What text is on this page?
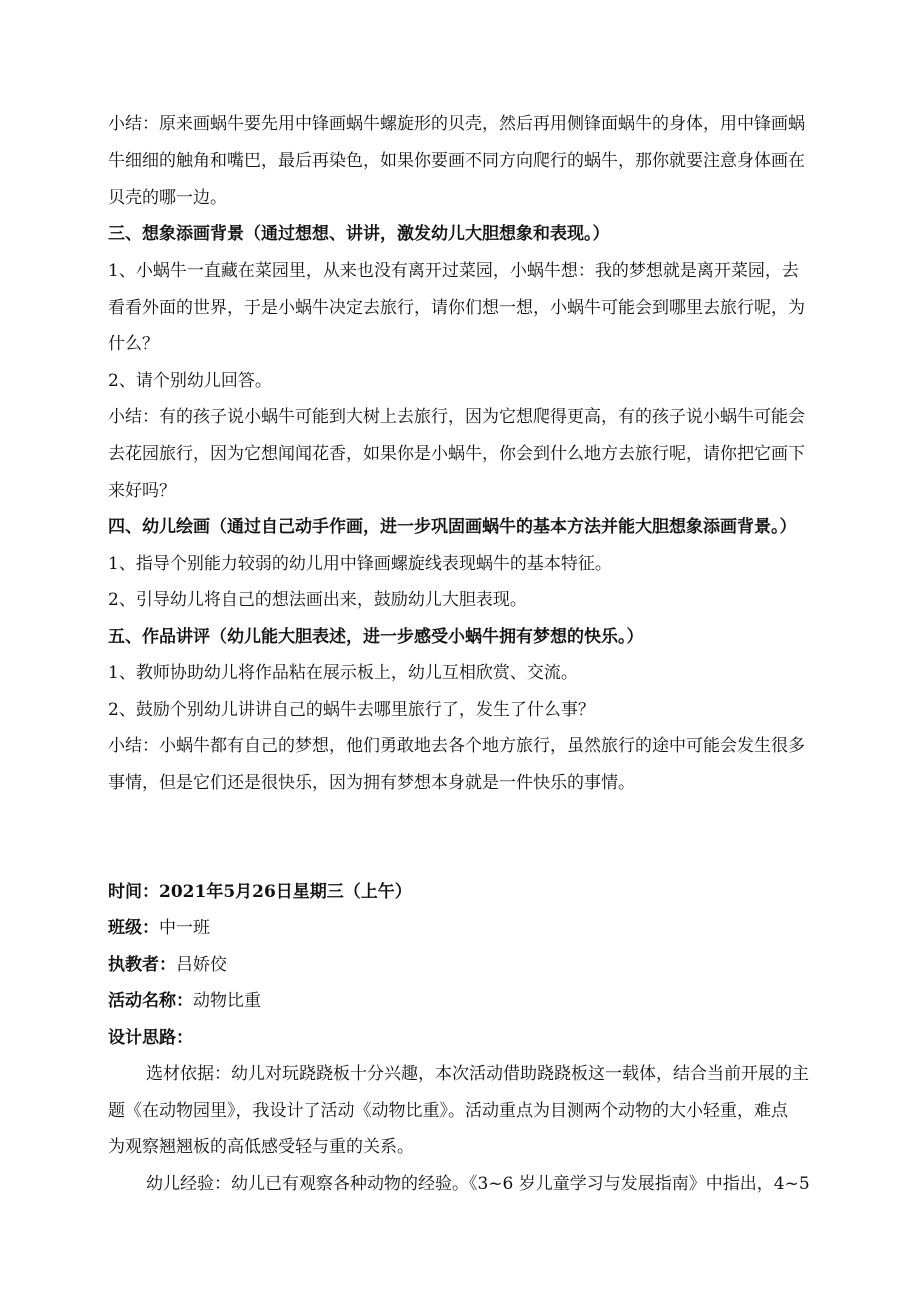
小结：原来画蜗牛要先用中锋画蜗牛螺旋形的贝壳，然后再用侧锋面蜗牛的身体，用中锋画蜗
牛细细的触角和嘴巴，最后再染色，如果你要画不同方向爬行的蜗牛，那你就要注意身体画在
贝壳的哪一边。
三、想象添画背景（通过想想、讲讲，激发幼儿大胆想象和表现。）
1、小蜗牛一直藏在菜园里，从来也没有离开过菜园，小蜗牛想：我的梦想就是离开菜园，去
看看外面的世界，于是小蜗牛决定去旅行，请你们想一想，小蜗牛可能会到哪里去旅行呢，为
什么？
2、请个别幼儿回答。
小结：有的孩子说小蜗牛可能到大树上去旅行，因为它想爬得更高，有的孩子说小蜗牛可能会
去花园旅行，因为它想闻闻花香，如果你是小蜗牛，你会到什么地方去旅行呢，请你把它画下
来好吗？
四、幼儿绘画（通过自己动手作画，进一步巩固画蜗牛的基本方法并能大胆想象添画背景。）
1、指导个别能力较弱的幼儿用中锋画螺旋线表现蜗牛的基本特征。
2、引导幼儿将自己的想法画出来，鼓励幼儿大胆表现。
五、作品讲评（幼儿能大胆表述，进一步感受小蜗牛拥有梦想的快乐。）
1、教师协助幼儿将作品粘在展示板上，幼儿互相欣赏、交流。
2、鼓励个别幼儿讲讲自己的蜗牛去哪里旅行了，发生了什么事？
小结：小蜗牛都有自己的梦想，他们勇敢地去各个地方旅行，虽然旅行的途中可能会发生很多
事情，但是它们还是很快乐，因为拥有梦想本身就是一件快乐的事情。
时间：2021年5月26日星期三（上午）
班级：中一班
执教者：吕娇佼
活动名称：动物比重
设计思路：
选材依据：幼儿对玩跷跷板十分兴趣，本次活动借助跷跷板这一载体，结合当前开展的主
题《在动物园里》，我设计了活动《动物比重》。活动重点为目测两个动物的大小轻重，难点
为观察翘翘板的高低感受轻与重的关系。
幼儿经验：幼儿已有观察各种动物的经验。《3~6 岁儿童学习与发展指南》中指出，4~5
